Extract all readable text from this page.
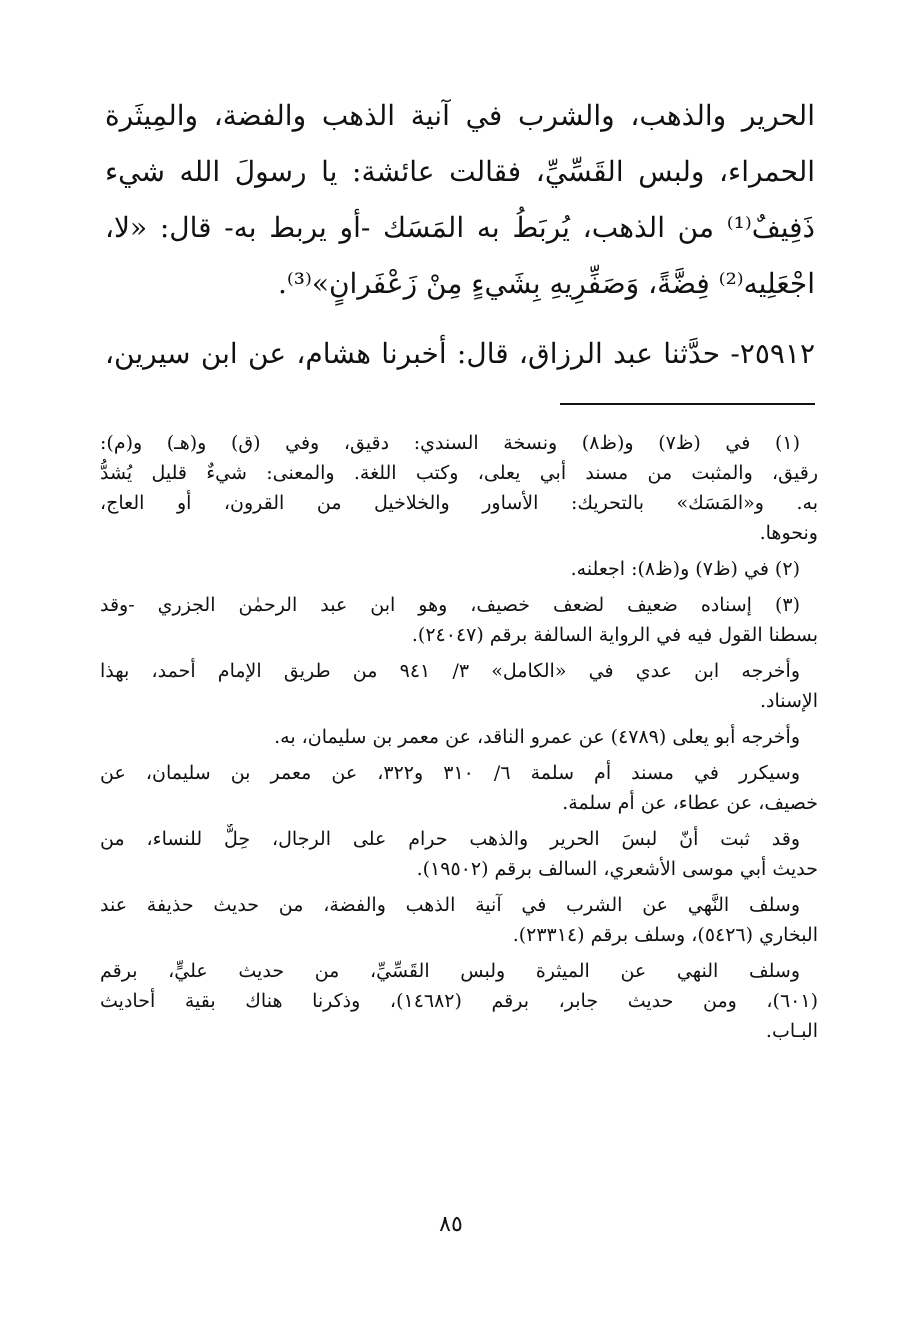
الحرير والذهب، والشرب في آنية الذهب والفضة، والمِيثَرة
الحمراء، ولبس القَسِّيِّ، فقالت عائشة: يا رسولَ الله شيء
ذَفِيفٌ⁽¹⁾ من الذهب، يُربَطُ به المَسَك -أو يربط به- قال: «لا،
اجْعَلِيه⁽²⁾ فِضَّةً، وَصَفِّرِيهِ بِشَيءٍ مِنْ زَعْفَرانٍ»⁽³⁾.
٢٥٩١٢- حدَّثنا عبد الرزاق، قال: أخبرنا هشام، عن ابن سيرين،
(١) في (ظ٧) و(ظ٨) ونسخة السندي: دقيق، وفي (ق) و(هـ) و(م):
رقيق، والمثبت من مسند أبي يعلى، وكتب اللغة. والمعنى: شيءٌ قليل يُشدُّ
به. و«المَسَك» بالتحريك: الأساور والخلاخيل من القرون، أو العاج،
ونحوها.
(٢) في (ظ٧) و(ظ٨): اجعلنه.
(٣) إسناده ضعيف لضعف خصيف، وهو ابن عبد الرحمٰن الجزري -وقد
بسطنا القول فيه في الرواية السالفة برقم (٢٤٠٤٧).
وأخرجه ابن عدي في «الكامل» ٣/ ٩٤١ من طريق الإمام أحمد، بهذا
الإسناد.
وأخرجه أبو يعلى (٤٧٨٩) عن عمرو الناقد، عن معمر بن سليمان، به.
وسيكرر في مسند أم سلمة ٦/ ٣١٠ و٣٢٢، عن معمر بن سليمان، عن
خصيف، عن عطاء، عن أم سلمة.
وقد ثبت أنّ لبسَ الحرير والذهب حرام على الرجال، حِلٌّ للنساء، من
حديث أبي موسى الأشعري، السالف برقم (١٩٥٠٢).
وسلف النَّهي عن الشرب في آنية الذهب والفضة، من حديث حذيفة عند
البخاري (٥٤٢٦)، وسلف برقم (٢٣٣١٤).
وسلف النهي عن الميثرة ولبس القَسِّيِّ، من حديث عليٍّ، برقم
(٦٠١)، ومن حديث جابر، برقم (١٤٦٨٢)، وذكرنا هناك بقية أحاديث
البـاب.
٨٥
